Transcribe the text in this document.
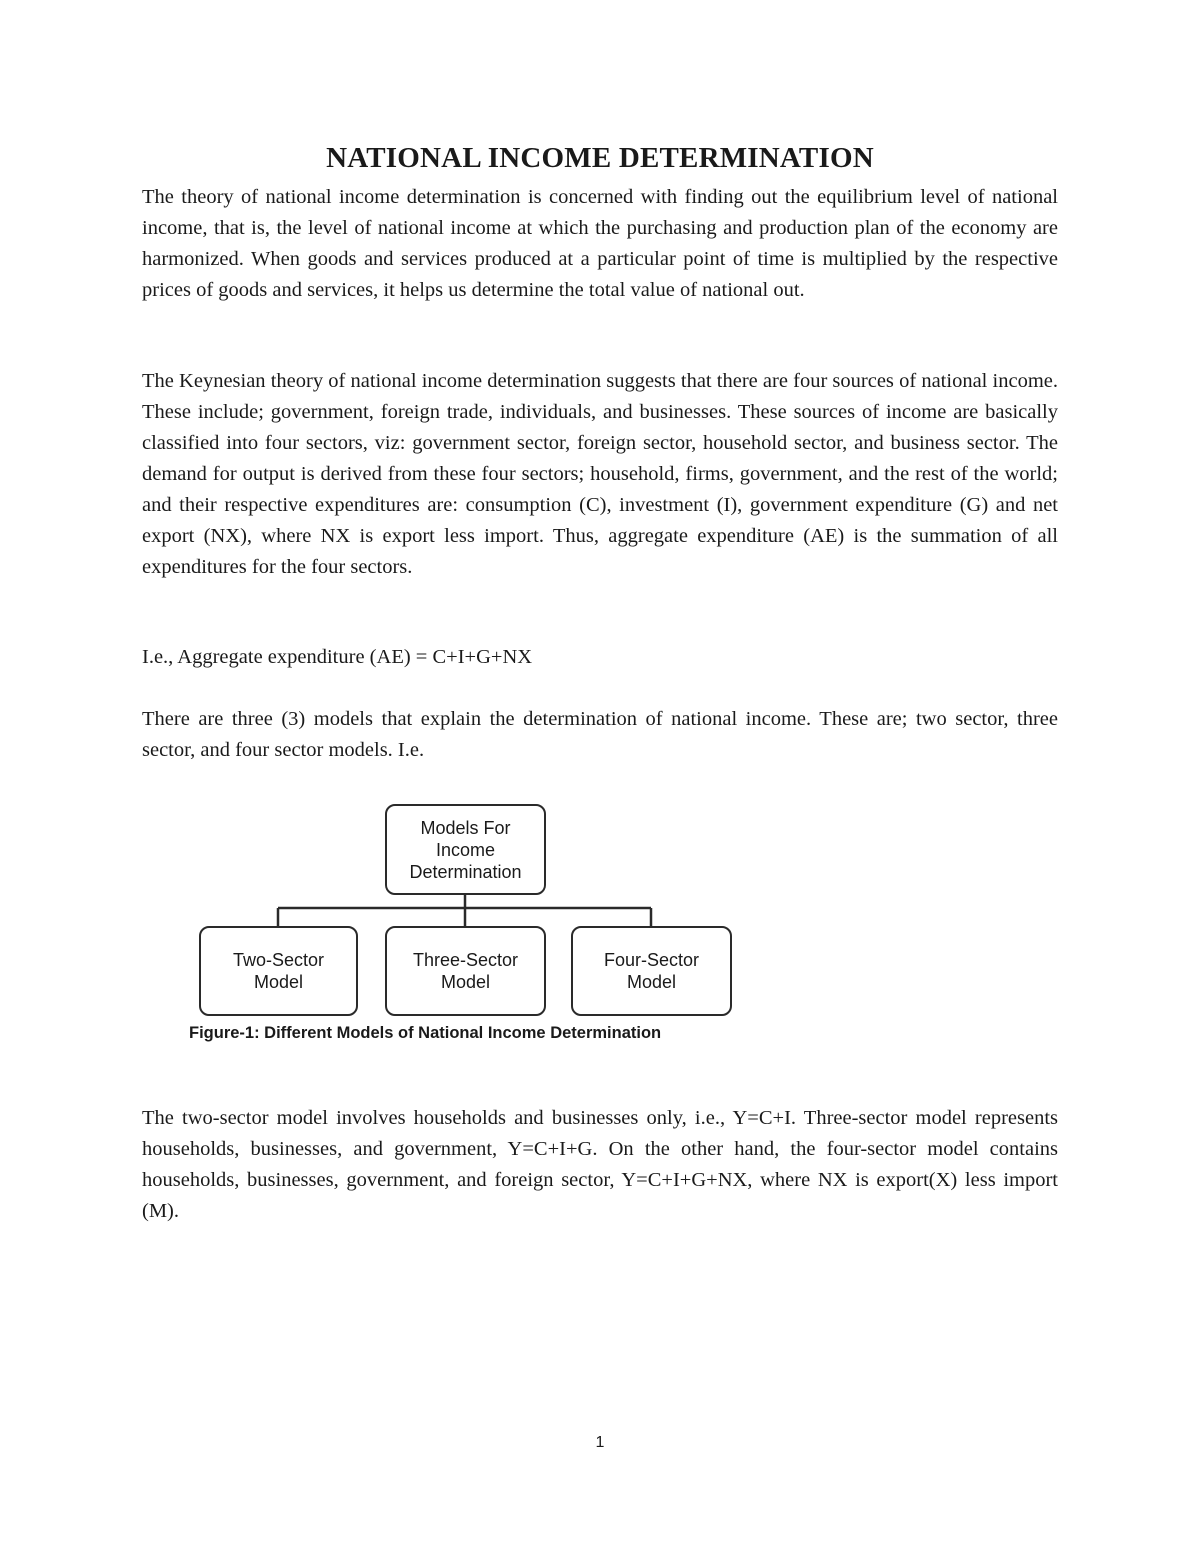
NATIONAL INCOME DETERMINATION

The theory of national income determination is concerned with finding out the equilibrium level of national income, that is, the level of national income at which the purchasing and production plan of the economy are harmonized. When goods and services produced at a particular point of time is multiplied by the respective prices of goods and services, it helps us determine the total value of national out.

The Keynesian theory of national income determination suggests that there are four sources of national income. These include; government, foreign trade, individuals, and businesses. These sources of income are basically classified into four sectors, viz: government sector, foreign sector, household sector, and business sector. The demand for output is derived from these four sectors; household, firms, government, and the rest of the world; and their respective expenditures are: consumption (C), investment (I), government expenditure (G) and net export (NX), where NX is export less import. Thus, aggregate expenditure (AE) is the summation of all expenditures for the four sectors.

I.e., Aggregate expenditure (AE) = C+I+G+NX

There are three (3) models that explain the determination of national income. These are; two sector, three sector, and four sector models. I.e.

Models For Income Determination
Two-Sector Model
Three-Sector Model
Four-Sector Model
Figure-1: Different Models of National Income Determination

The two-sector model involves households and businesses only, i.e., Y=C+I. Three-sector model represents households, businesses, and government, Y=C+I+G. On the other hand, the four-sector model contains households, businesses, government, and foreign sector, Y=C+I+G+NX, where NX is export(X) less import (M).

1
